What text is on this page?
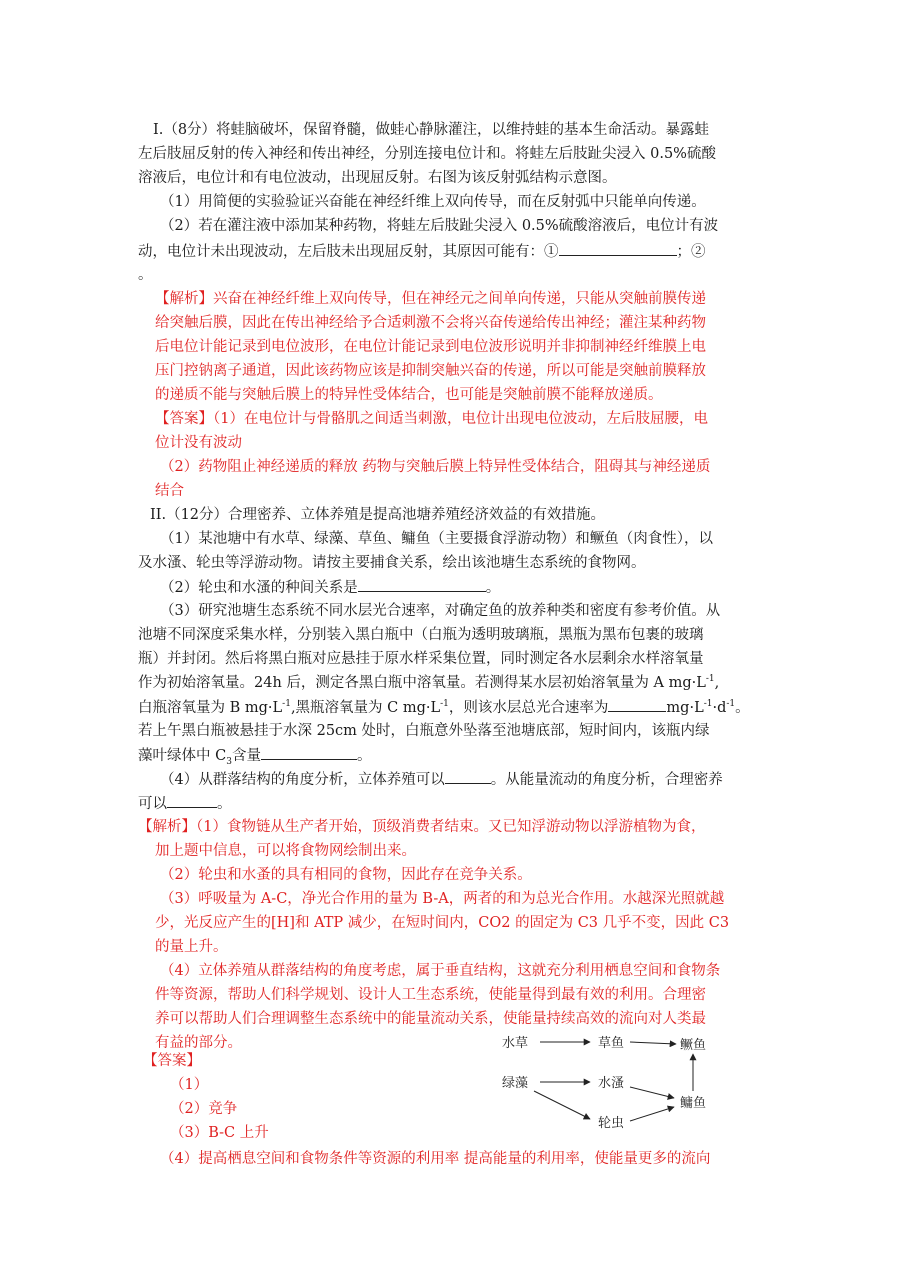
I.（8分）将蛙脑破坏，保留脊髓，做蛙心静脉灌注，以维持蛙的基本生命活动。暴露蛙
左后肢屈反射的传入神经和传出神经，分别连接电位计和。将蛙左后肢趾尖浸入 0.5%硫酸
溶液后，电位计和有电位波动，出现屈反射。右图为该反射弧结构示意图。
（1）用简便的实验验证兴奋能在神经纤维上双向传导，而在反射弧中只能单向传递。
（2）若在灌注液中添加某种药物，将蛙左后肢趾尖浸入 0.5%硫酸溶液后，电位计有波
动，电位计未出现波动，左后肢未出现屈反射，其原因可能有：①	；②
。
【解析】兴奋在神经纤维上双向传导，但在神经元之间单向传递，只能从突触前膜传递
给突触后膜，因此在传出神经给予合适刺激不会将兴奋传递给传出神经；灌注某种药物
后电位计能记录到电位波形，在电位计能记录到电位波形说明并非抑制神经纤维膜上电
压门控钠离子通道，因此该药物应该是抑制突触兴奋的传递，所以可能是突触前膜释放
的递质不能与突触后膜上的特异性受体结合，也可能是突触前膜不能释放递质。
【答案】（1）在电位计与骨骼肌之间适当刺激，电位计出现电位波动，左后肢屈腰，电
位计没有波动
（2）药物阻止神经递质的释放 药物与突触后膜上特异性受体结合，阻碍其与神经递质
结合
II.（12分）合理密养、立体养殖是提高池塘养殖经济效益的有效措施。
（1）某池塘中有水草、绿藻、草鱼、鳙鱼（主要摄食浮游动物）和鳜鱼（肉食性），以
及水溞、轮虫等浮游动物。请按主要捕食关系，绘出该池塘生态系统的食物网。
（2）轮虫和水溞的种间关系是	。
（3）研究池塘生态系统不同水层光合速率，对确定鱼的放养种类和密度有参考价值。从
池塘不同深度采集水样，分别装入黑白瓶中（白瓶为透明玻璃瓶，黑瓶为黑布包裹的玻璃
瓶）并封闭。然后将黑白瓶对应悬挂于原水样采集位置，同时测定各水层剩余水样溶氧量
作为初始溶氧量。24h 后，测定各黑白瓶中溶氧量。若测得某水层初始溶氧量为 A $mg\cdot L^{-1}$,
白瓶溶氧量为 B $mg\cdot L^{-1}$,黑瓶溶氧量为 C $mg\cdot L^{-1}$，则该水层总光合速率为	$mg\cdot L^{-1}\cdot d^{-1}$。
若上午黑白瓶被悬挂于水深 25cm 处时，白瓶意外坠落至池塘底部，短时间内，该瓶内绿
藻叶绿体中 $C_3$含量	。
（4）从群落结构的角度分析，立体养殖可以	。从能量流动的角度分析，合理密养
可以	。
【解析】（1）食物链从生产者开始，顶级消费者结束。又已知浮游动物以浮游植物为食，
加上题中信息，可以将食物网绘制出来。
（2）轮虫和水蚤的具有相同的食物，因此存在竞争关系。
（3）呼吸量为 A-C，净光合作用的量为 B-A，两者的和为总光合作用。水越深光照就越
少，光反应产生的[H]和 ATP 减少，在短时间内，CO2 的固定为 C3 几乎不变，因此 C3
的量上升。
（4）立体养殖从群落结构的角度考虑，属于垂直结构，这就充分利用栖息空间和食物条
件等资源，帮助人们科学规划、设计人工生态系统，使能量得到最有效的利用。合理密
养可以帮助人们合理调整生态系统中的能量流动关系，使能量持续高效的流向对人类最
有益的部分。
【答案】
（1）
（2）竞争
（3）B-C 上升
（4）提高栖息空间和食物条件等资源的利用率 提高能量的利用率，使能量更多的流向
水草	草鱼	鳜鱼
绿藻	水溞
鳙鱼
轮虫
